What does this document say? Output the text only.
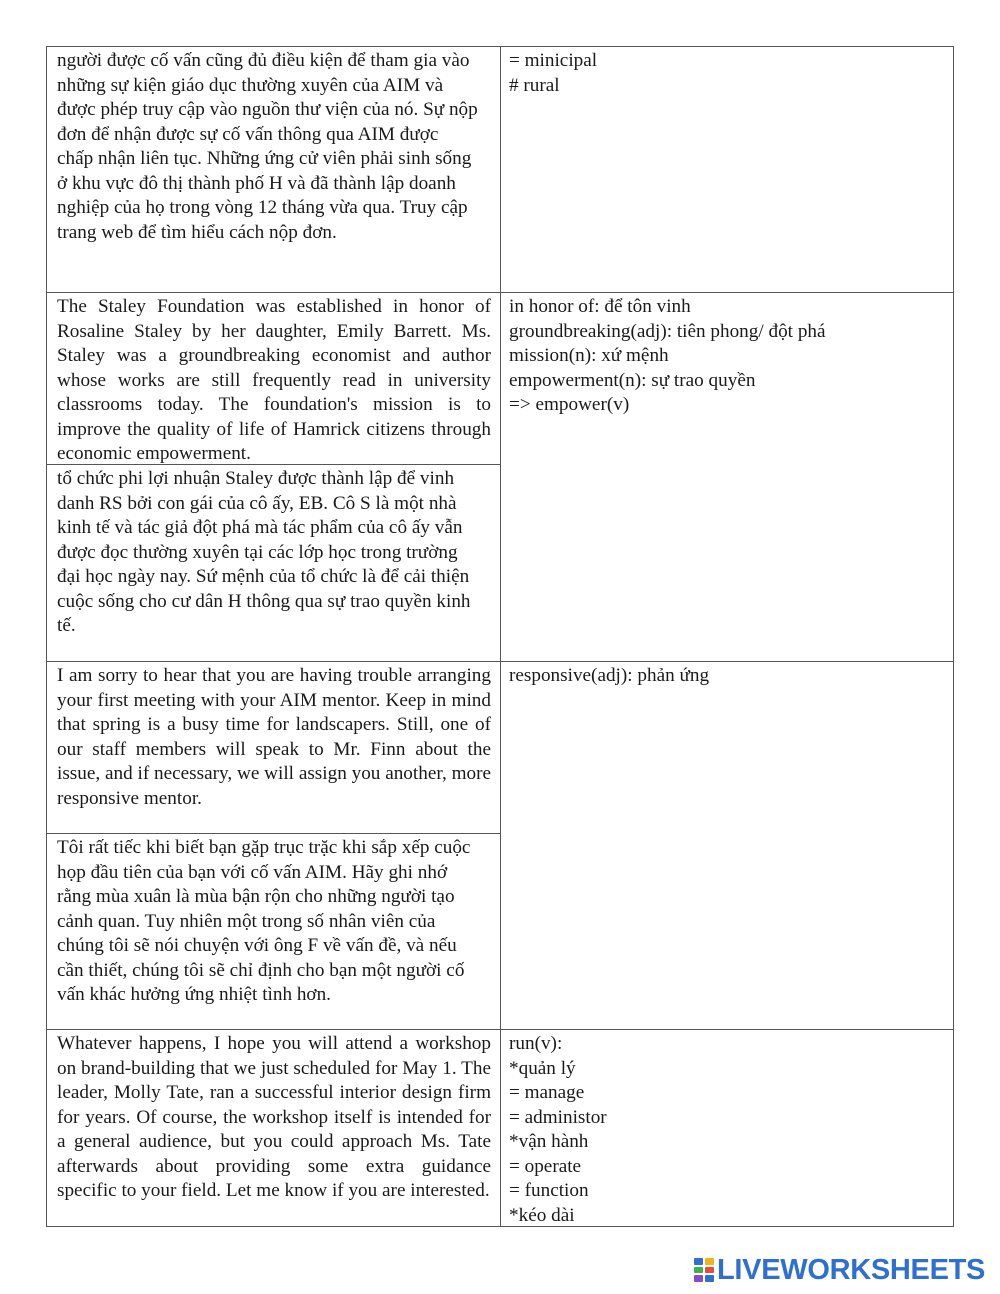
người được cố vấn cũng đủ điều kiện để tham gia vào những sự kiện giáo dục thường xuyên của AIM và được phép truy cập vào nguồn thư viện của nó. Sự nộp đơn để nhận được sự cố vấn thông qua AIM được chấp nhận liên tục. Những ứng cử viên phải sinh sống ở khu vực đô thị thành phố H và đã thành lập doanh nghiệp của họ trong vòng 12 tháng vừa qua. Truy cập trang web để tìm hiểu cách nộp đơn.

= minicipal
# rural

The Staley Foundation was established in honor of Rosaline Staley by her daughter, Emily Barrett. Ms. Staley was a groundbreaking economist and author whose works are still frequently read in university classrooms today. The foundation's mission is to improve the quality of life of Hamrick citizens through economic empowerment.

tổ chức phi lợi nhuận Staley được thành lập để vinh danh RS bởi con gái của cô ấy, EB. Cô S là một nhà kinh tế và tác giả đột phá mà tác phẩm của cô ấy vẫn được đọc thường xuyên tại các lớp học trong trường đại học ngày nay. Sứ mệnh của tổ chức là để cải thiện cuộc sống cho cư dân H thông qua sự trao quyền kinh tế.

in honor of: để tôn vinh
groundbreaking(adj): tiên phong/ đột phá
mission(n): xứ mệnh
empowerment(n): sự trao quyền
=> empower(v)

I am sorry to hear that you are having trouble arranging your first meeting with your AIM mentor. Keep in mind that spring is a busy time for landscapers. Still, one of our staff members will speak to Mr. Finn about the issue, and if necessary, we will assign you another, more responsive mentor.

Tôi rất tiếc khi biết bạn gặp trục trặc khi sắp xếp cuộc họp đầu tiên của bạn với cố vấn AIM. Hãy ghi nhớ rằng mùa xuân là mùa bận rộn cho những người tạo cảnh quan. Tuy nhiên một trong số nhân viên của chúng tôi sẽ nói chuyện với ông F về vấn đề, và nếu cần thiết, chúng tôi sẽ chỉ định cho bạn một người cố vấn khác hưởng ứng nhiệt tình hơn.

responsive(adj): phản ứng

Whatever happens, I hope you will attend a workshop on brand-building that we just scheduled for May 1. The leader, Molly Tate, ran a successful interior design firm for years. Of course, the workshop itself is intended for a general audience, but you could approach Ms. Tate afterwards about providing some extra guidance specific to your field. Let me know if you are interested.

run(v):
*quản lý
= manage
= administor
*vận hành
= operate
= function
*kéo dài
LIVEWORKSHEETS
